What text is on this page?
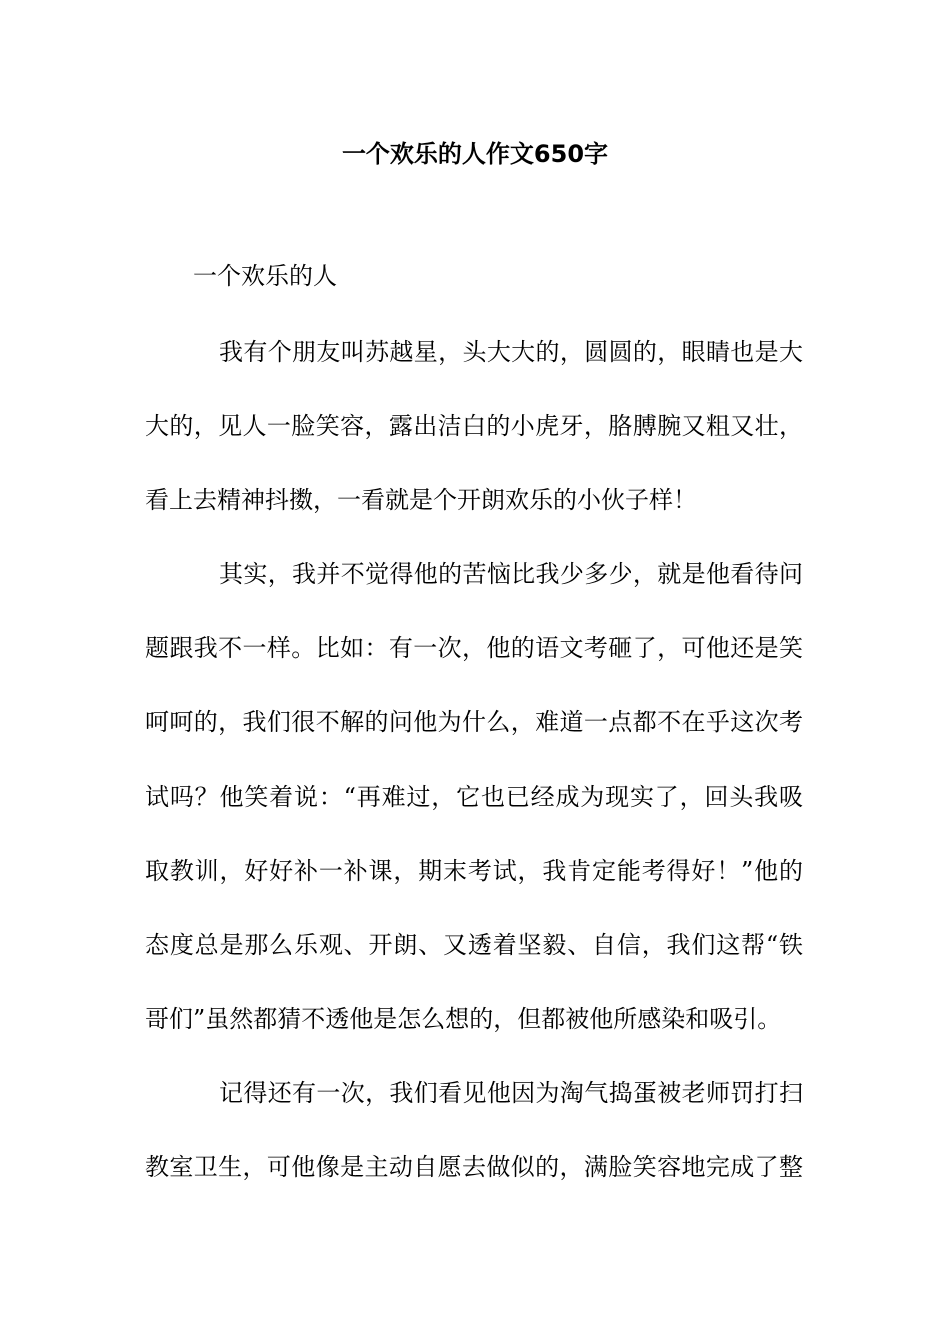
一个欢乐的人作文650字
一个欢乐的人
我有个朋友叫苏越星，头大大的，圆圆的，眼睛也是大
大的，见人一脸笑容，露出洁白的小虎牙，胳膊腕又粗又壮，
看上去精神抖擞，一看就是个开朗欢乐的小伙子样！
其实，我并不觉得他的苦恼比我少多少，就是他看待问
题跟我不一样。比如：有一次，他的语文考砸了，可他还是笑
呵呵的，我们很不解的问他为什么，难道一点都不在乎这次考
试吗？他笑着说：“再难过，它也已经成为现实了，回头我吸
取教训，好好补一补课，期末考试，我肯定能考得好！”他的
态度总是那么乐观、开朗、又透着坚毅、自信，我们这帮“铁
哥们”虽然都猜不透他是怎么想的，但都被他所感染和吸引。
记得还有一次，我们看见他因为淘气捣蛋被老师罚打扫
教室卫生，可他像是主动自愿去做似的，满脸笑容地完成了整
